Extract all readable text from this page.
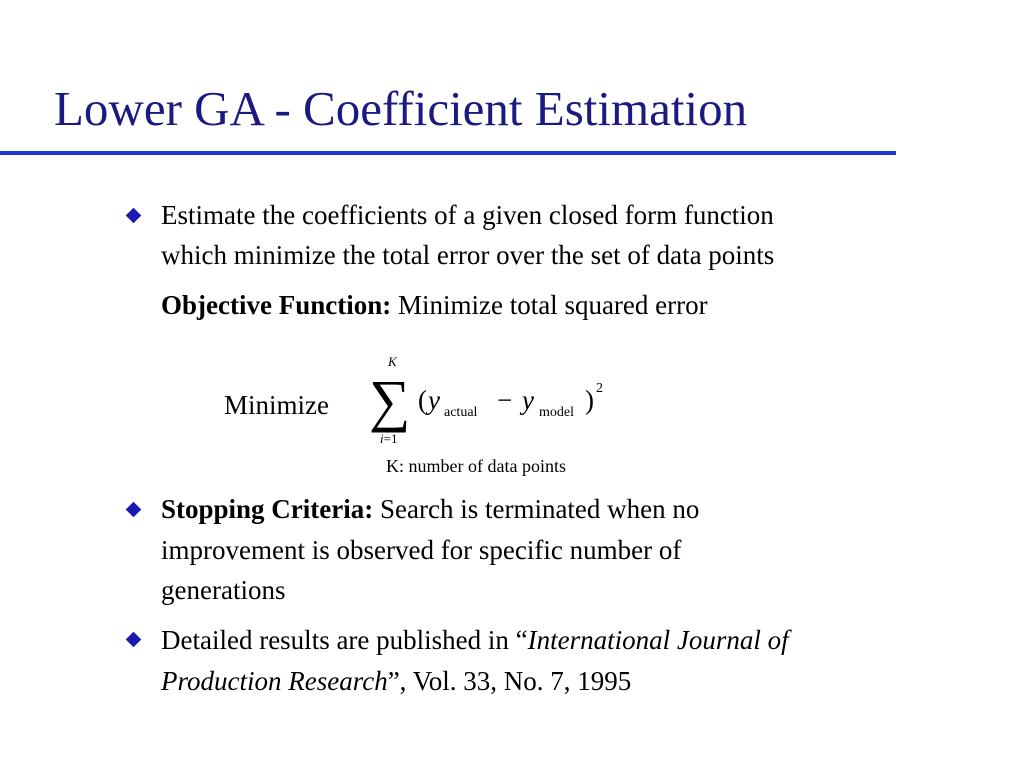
Lower GA - Coefficient Estimation
Estimate the coefficients of a given closed form function
which minimize the total error over the set of data points
Objective Function: Minimize total squared error
Minimize ∑
K
i=1
( y actual − y model ) 2
K: number of data points
Stopping Criteria: Search is terminated when no
improvement is observed for specific number of
generations
Detailed results are published in “International Journal of
Production Research”, Vol. 33, No. 7, 1995
